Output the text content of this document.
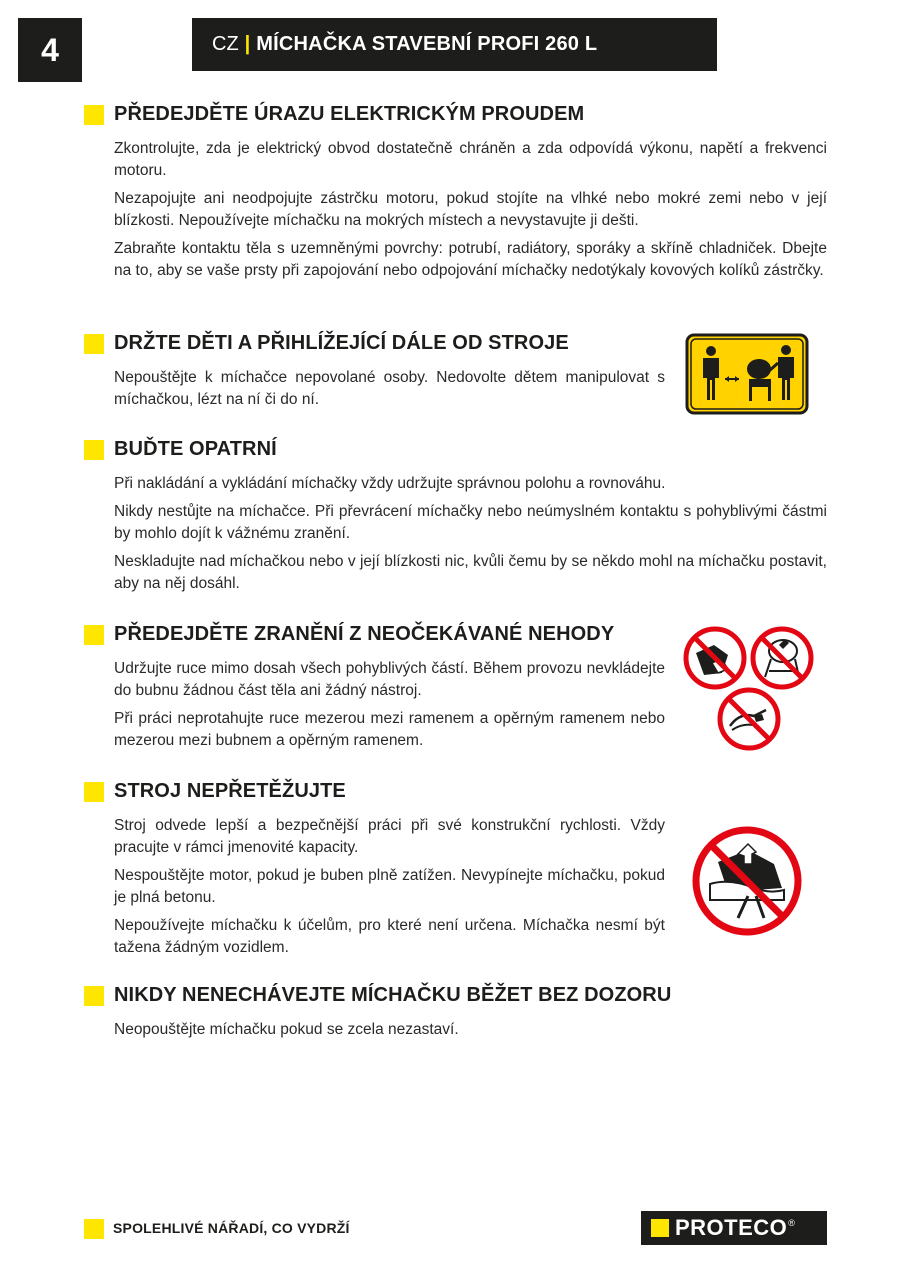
4	CZ | MÍCHAČKA STAVEBNÍ PROFI 260 L
PŘEDEJDĚTE ÚRAZU ELEKTRICKÝM PROUDEM

Zkontrolujte, zda je elektrický obvod dostatečně chráněn a zda odpovídá výkonu, napětí a frekvenci motoru.

Nezapojujte ani neodpojujte zástrčku motoru, pokud stojíte na vlhké nebo mokré zemi nebo v její blízkosti. Nepoužívejte míchačku na mokrých místech a nevystavujte ji dešti.

Zabraňte kontaktu těla s uzemněnými povrchy: potrubí, radiátory, sporáky a skříně chladniček. Dbejte na to, aby se vaše prsty při zapojování nebo odpojování míchačky nedotýkaly kovových kolíků zástrčky.

DRŽTE DĚTI A PŘIHLÍŽEJÍCÍ DÁLE OD STROJE

Nepouštějte k míchačce nepovolané osoby. Nedovolte dětem manipulovat s míchačkou, lézt na ní či do ní.

BUĎTE OPATRNÍ

Při nakládání a vykládání míchačky vždy udržujte správnou polohu a rovnováhu.

Nikdy nestůjte na míchačce. Při převrácení míchačky nebo neúmyslném kontaktu s pohyblivými částmi by mohlo dojít k vážnému zranění.

Neskladujte nad míchačkou nebo v její blízkosti nic, kvůli čemu by se někdo mohl na míchačku postavit, aby na něj dosáhl.

PŘEDEJDĚTE ZRANĚNÍ Z NEOČEKÁVANÉ NEHODY

Udržujte ruce mimo dosah všech pohyblivých částí. Během provozu nevkládejte do bubnu žádnou část těla ani žádný nástroj.

Při práci neprotahujte ruce mezerou mezi ramenem a opěrným ramenem nebo mezerou mezi bubnem a opěrným ramenem.

STROJ NEPŘETĚŽUJTE

Stroj odvede lepší a bezpečnější práci při své konstrukční rychlosti. Vždy pracujte v rámci jmenovité kapacity.

Nespouštějte motor, pokud je buben plně zatížen. Nevypínejte míchačku, pokud je plná betonu.

Nepoužívejte míchačku k účelům, pro které není určena. Míchačka nesmí být tažena žádným vozidlem.

NIKDY NENECHÁVEJTE MÍCHAČKU BĚŽET BEZ DOZORU

Neopouštějte míchačku pokud se zcela nezastaví.

SPOLEHLIVÉ NÁŘADÍ, CO VYDRŽÍ	PROTECO ®
